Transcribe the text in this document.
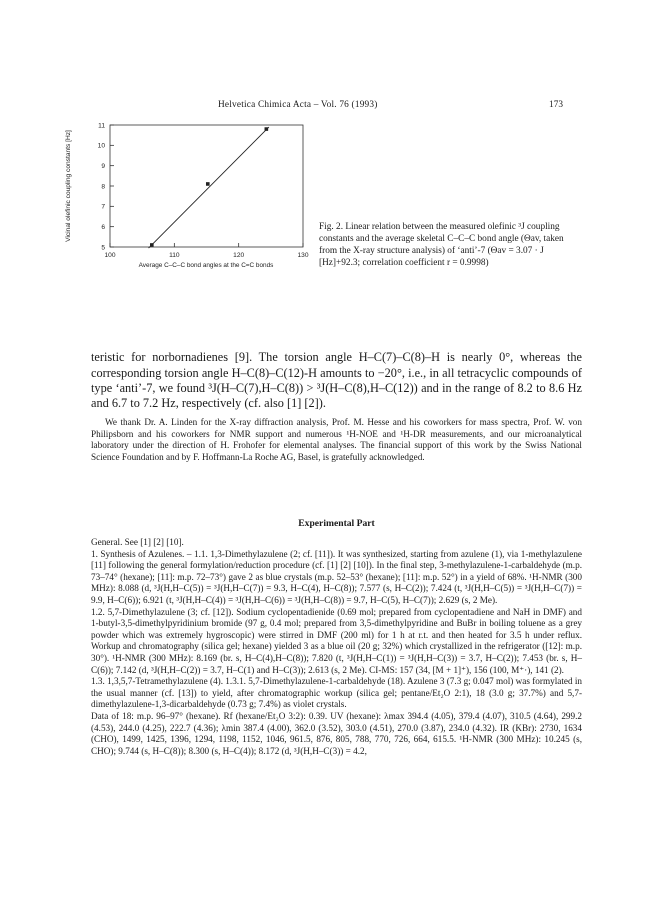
Helvetica Chimica Acta – Vol. 76 (1993)	173
Vicinal olefinic coupling constants [Hz]
Average C–C–C bond angles at the C=C bonds
5
6
7
8
9
10
11
100	110	120	130
Fig. 2. Linear relation between the measured olefinic ³J coupling constants and the average skeletal C–C–C bond angle (Θav, taken from the X-ray structure analysis) of ‘anti’-7 (Θav = 3.07 · J [Hz]+92.3; correlation coefficient r = 0.9998)

teristic for norbornadienes [9]. The torsion angle H–C(7)–C(8)–H is nearly 0°, whereas the corresponding torsion angle H–C(8)–C(12)-H amounts to −20°, i.e., in all tetracyclic compounds of type ‘anti’-7, we found ³J(H–C(7),H–C(8)) > ³J(H–C(8),H–C(12)) and in the range of 8.2 to 8.6 Hz and 6.7 to 7.2 Hz, respectively (cf. also [1] [2]).

We thank Dr. A. Linden for the X-ray diffraction analysis, Prof. M. Hesse and his coworkers for mass spectra, Prof. W. von Philipsborn and his coworkers for NMR support and numerous ¹H-NOE and ¹H-DR measurements, and our microanalytical laboratory under the direction of H. Frohofer for elemental analyses. The financial support of this work by the Swiss National Science Foundation and by F. Hoffmann-La Roche AG, Basel, is gratefully acknowledged.

Experimental Part

General. See [1] [2] [10].

1. Synthesis of Azulenes. – 1.1. 1,3-Dimethylazulene (2; cf. [11]). It was synthesized, starting from azulene (1), via 1-methylazulene [11] following the general formylation/reduction procedure (cf. [1] [2] [10]). In the final step, 3-methylazulene-1-carbaldehyde (m.p. 73–74° (hexane); [11]: m.p. 72–73°) gave 2 as blue crystals (m.p. 52–53° (hexane); [11]: m.p. 52°) in a yield of 68%. ¹H-NMR (300 MHz): 8.088 (d, ³J(H,H–C(5)) = ³J(H,H–C(7)) = 9.3, H–C(4), H–C(8)); 7.577 (s, H–C(2)); 7.424 (t, ³J(H,H–C(5)) = ³J(H,H–C(7)) = 9.9, H–C(6)); 6.921 (t, ³J(H,H–C(4)) = ³J(H,H–C(6)) = ³J(H,H–C(8)) = 9.7, H–C(5), H–C(7)); 2.629 (s, 2 Me).

1.2. 5,7-Dimethylazulene (3; cf. [12]). Sodium cyclopentadienide (0.69 mol; prepared from cyclopentadiene and NaH in DMF) and 1-butyl-3,5-dimethylpyridinium bromide (97 g, 0.4 mol; prepared from 3,5-dimethylpyridine and BuBr in boiling toluene as a grey powder which was extremely hygroscopic) were stirred in DMF (200 ml) for 1 h at r.t. and then heated for 3.5 h under reflux. Workup and chromatography (silica gel; hexane) yielded 3 as a blue oil (20 g; 32%) which crystallized in the refrigerator ([12]: m.p. 30°). ¹H-NMR (300 MHz): 8.169 (br. s, H–C(4),H–C(8)); 7.820 (t, ³J(H,H–C(1)) = ³J(H,H–C(3)) = 3.7, H–C(2)); 7.453 (br. s, H–C(6)); 7.142 (d, ³J(H,H–C(2)) = 3.7, H–C(1) and H–C(3)); 2.613 (s, 2 Me). CI-MS: 157 (34, [M + 1]⁺), 156 (100, M⁺·), 141 (2).

1.3. 1,3,5,7-Tetramethylazulene (4). 1.3.1. 5,7-Dimethylazulene-1-carbaldehyde (18). Azulene 3 (7.3 g; 0.047 mol) was formylated in the usual manner (cf. [13]) to yield, after chromatographic workup (silica gel; pentane/Et₂O 2:1), 18 (3.0 g; 37.7%) and 5,7-dimethylazulene-1,3-dicarbaldehyde (0.73 g; 7.4%) as violet crystals.

Data of 18: m.p. 96–97° (hexane). Rf (hexane/Et₂O 3:2): 0.39. UV (hexane): λmax 394.4 (4.05), 379.4 (4.07), 310.5 (4.64), 299.2 (4.53), 244.0 (4.25), 222.7 (4.36); λmin 387.4 (4.00), 362.0 (3.52), 303.0 (4.51), 270.0 (3.87), 234.0 (4.32). IR (KBr): 2730, 1634 (CHO), 1499, 1425, 1396, 1294, 1198, 1152, 1046, 961.5, 876, 805, 788, 770, 726, 664, 615.5. ¹H-NMR (300 MHz): 10.245 (s, CHO); 9.744 (s, H–C(8)); 8.300 (s, H–C(4)); 8.172 (d, ³J(H,H–C(3)) = 4.2,
